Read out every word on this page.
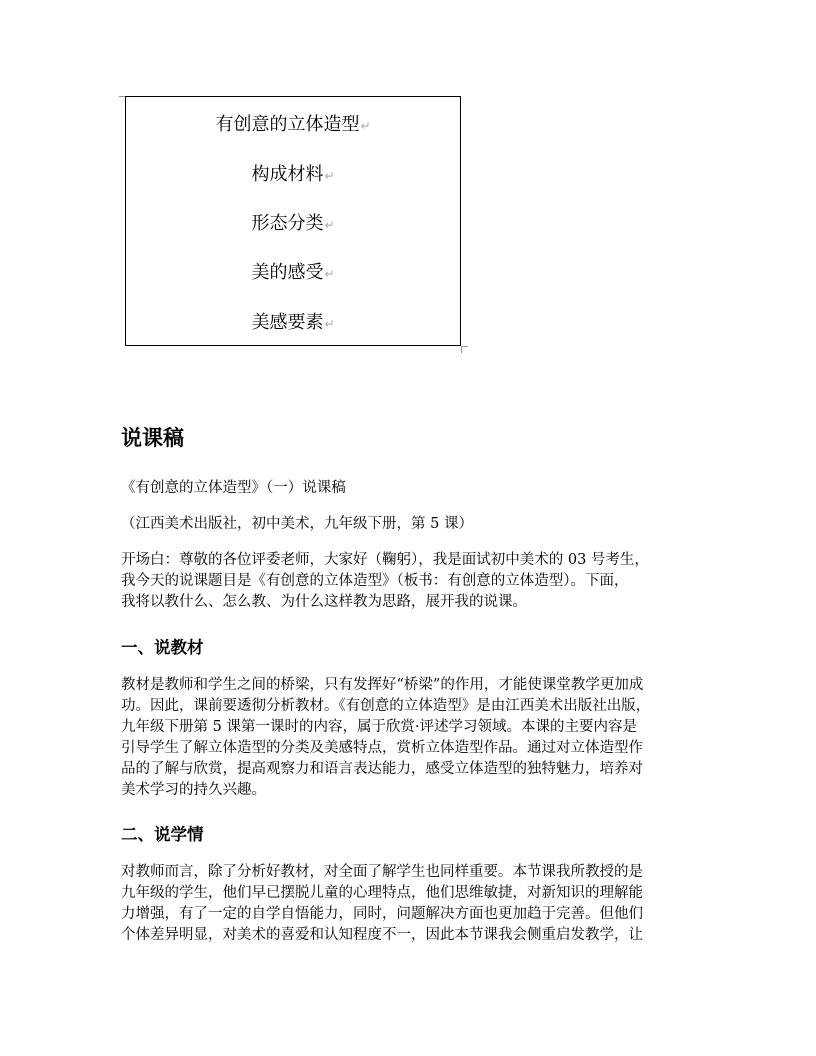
有创意的立体造型↵
构成材料↵
形态分类↵
美的感受↵
美感要素↵
说课稿
《有创意的立体造型》（一）说课稿
（江西美术出版社，初中美术，九年级下册，第 5 课）
开场白：尊敬的各位评委老师，大家好（鞠躬），我是面试初中美术的 03 号考生，
我今天的说课题目是《有创意的立体造型》（板书：有创意的立体造型）。下面，
我将以教什么、怎么教、为什么这样教为思路，展开我的说课。
一、说教材
教材是教师和学生之间的桥梁，只有发挥好“桥梁”的作用，才能使课堂教学更加成
功。因此，课前要透彻分析教材。《有创意的立体造型》是由江西美术出版社出版，
九年级下册第 5 课第一课时的内容，属于欣赏·评述学习领域。本课的主要内容是
引导学生了解立体造型的分类及美感特点，赏析立体造型作品。通过对立体造型作
品的了解与欣赏，提高观察力和语言表达能力，感受立体造型的独特魅力，培养对
美术学习的持久兴趣。
二、说学情
对教师而言，除了分析好教材，对全面了解学生也同样重要。本节课我所教授的是
九年级的学生，他们早已摆脱儿童的心理特点，他们思维敏捷，对新知识的理解能
力增强，有了一定的自学自悟能力，同时，问题解决方面也更加趋于完善。但他们
个体差异明显，对美术的喜爱和认知程度不一，因此本节课我会侧重启发教学，让
